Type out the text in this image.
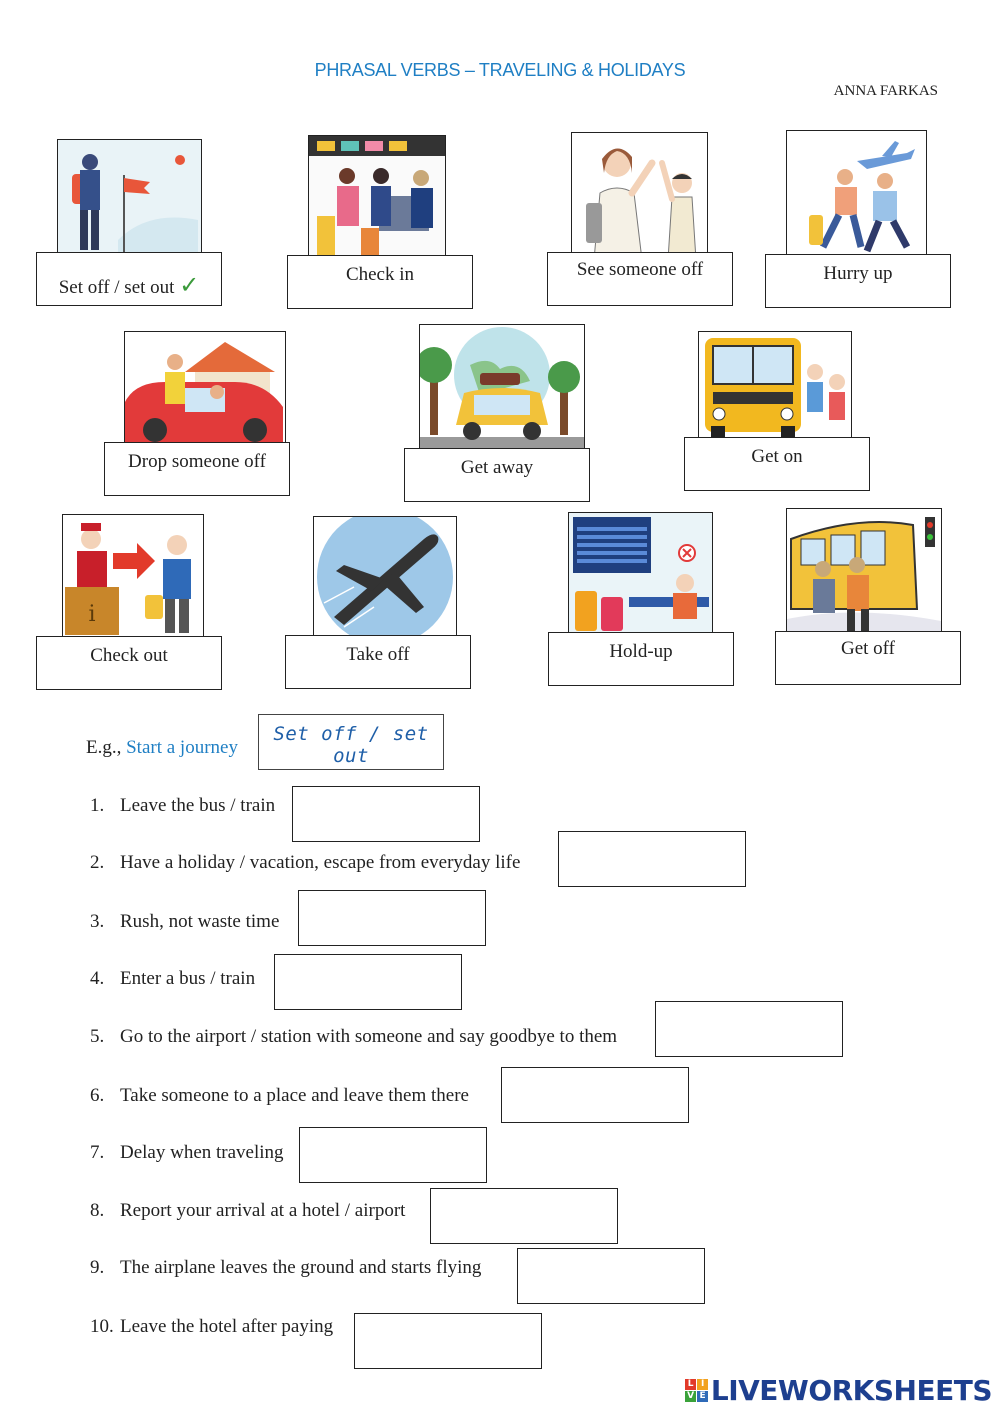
PHRASAL VERBS – TRAVELING & HOLIDAYS
ANNA FARKAS
Set off / set out ✓	Check in	See someone off	Hurry up
Drop someone off	Get away
Get on
i
Check out	Take off	Hold-up	Get off
E.g., Start a journey
Set off / set out
1. Leave the bus / train
2. Have a holiday / vacation, escape from everyday life
3. Rush, not waste time
4. Enter a bus / train
5. Go to the airport / station with someone and say goodbye to them
6. Take someone to a place and leave them there
7. Delay when traveling
8. Report your arrival at a hotel / airport
9. The airplane leaves the ground and starts flying
10. Leave the hotel after paying
L I
V E LIVEWORKSHEETS
